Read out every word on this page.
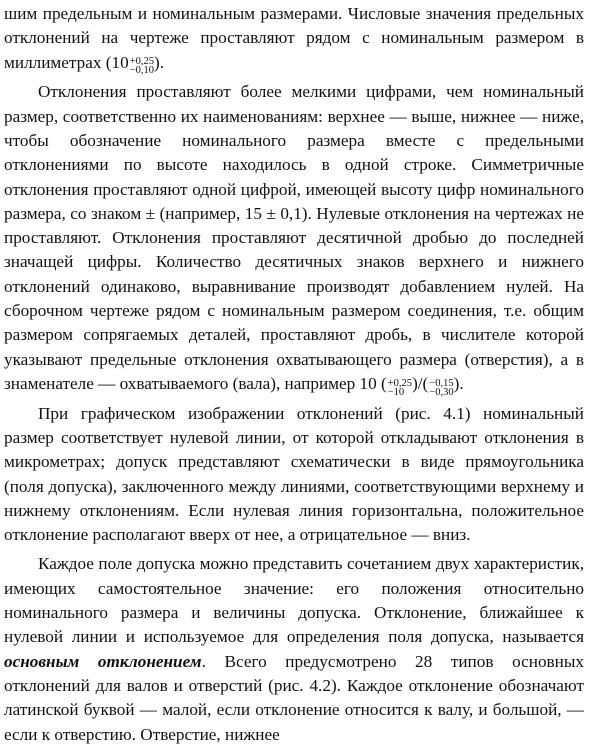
шим предельным и номинальным размерами. Числовые значения предельных отклонений на чертеже проставляют рядом с номинальным размером в миллиметрах (10 +0,25
−0,10 ).

Отклонения проставляют более мелкими цифрами, чем номинальный размер, соответственно их наименованиям: верхнее — выше, нижнее — ниже, чтобы обозначение номинального размера вместе с предельными отклонениями по высоте находилось в одной строке. Симметричные отклонения проставляют одной цифрой, имеющей высоту цифр номинального размера, со знаком ± (например, 15 ± 0,1). Нулевые отклонения на чертежах не проставляют. Отклонения проставляют десятичной дробью до последней значащей цифры. Количество десятичных знаков верхнего и нижнего отклонений одинаково, выравнивание производят добавлением нулей. На сборочном чертеже рядом с номинальным размером соединения, т.е. общим размером сопрягаемых деталей, проставляют дробь, в числителе которой указывают предельные отклонения охватывающего размера (отверстия), а в знаменателе — охватываемого (вала), например 10 ( +0,25
−10 )/( −0,15
−0,30 ).

При графическом изображении отклонений (рис. 4.1) номинальный размер соответствует нулевой линии, от которой откладывают отклонения в микрометрах; допуск представляют схематически в виде прямоугольника (поля допуска), заключенного между линиями, соответствующими верхнему и нижнему отклонениям. Если нулевая линия горизонтальна, положительное отклонение располагают вверх от нее, а отрицательное — вниз.

Каждое поле допуска можно представить сочетанием двух характеристик, имеющих самостоятельное значение: его положения относительно номинального размера и величины допуска. Отклонение, ближайшее к нулевой линии и используемое для определения поля допуска, называется основным отклонением. Всего предусмотрено 28 типов основных отклонений для валов и отверстий (рис. 4.2). Каждое отклонение обозначают латинской буквой — малой, если отклонение относится к валу, и большой, — если к отверстию. Отверстие, нижнее
